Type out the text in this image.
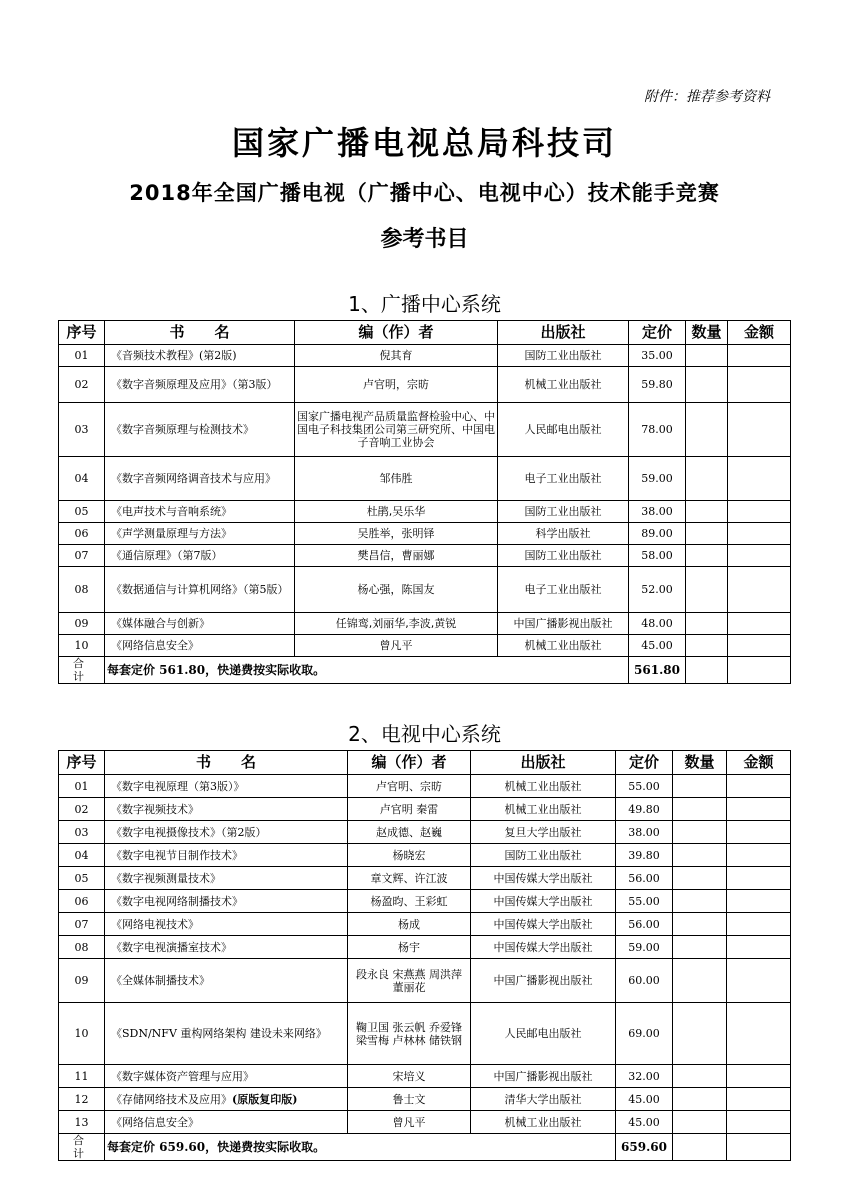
附件：推荐参考资料
国家广播电视总局科技司
2018年全国广播电视（广播中心、电视中心）技术能手竞赛
参考书目
1、广播中心系统
序号	书　　名	编（作）者	出版社	定价	数量	金额
01	《音频技术教程》(第2版)	倪其育	国防工业出版社	35.00		
02	《数字音频原理及应用》（第3版）	卢官明，宗昉	机械工业出版社	59.80		
03	《数字音频原理与检测技术》	国家广播电视产品质量监督检验中心、中国电子科技集团公司第三研究所、中国电子音响工业协会	人民邮电出版社	78.00		
04	《数字音频网络调音技术与应用》	邹伟胜	电子工业出版社	59.00		
05	《电声技术与音响系统》	杜鹃,吴乐华	国防工业出版社	38.00		
06	《声学测量原理与方法》	吴胜举，张明铎	科学出版社	89.00		
07	《通信原理》（第7版）	樊昌信，曹丽娜	国防工业出版社	58.00		
08	《数据通信与计算机网络》（第5版）	杨心强，陈国友	电子工业出版社	52.00		
09	《媒体融合与创新》	任锦鸾,刘丽华,李波,黄锐	中国广播影视出版社	48.00		
10	《网络信息安全》	曾凡平	机械工业出版社	45.00		
合 计	每套定价 561.80，快递费按实际收取。			561.80		
2、电视中心系统
序号	书　　名	编（作）者	出版社	定价	数量	金额
01	《数字电视原理（第3版）》	卢官明、宗昉	机械工业出版社	55.00		
02	《数字视频技术》	卢官明 秦雷	机械工业出版社	49.80		
03	《数字电视摄像技术》（第2版）	赵成德、赵巍	复旦大学出版社	38.00		
04	《数字电视节目制作技术》	杨晓宏	国防工业出版社	39.80		
05	《数字视频测量技术》	章文辉、许江波	中国传媒大学出版社	56.00		
06	《数字电视网络制播技术》	杨盈昀、王彩虹	中国传媒大学出版社	55.00		
07	《网络电视技术》	杨成	中国传媒大学出版社	56.00		
08	《数字电视演播室技术》	杨宇	中国传媒大学出版社	59.00		
09	《全媒体制播技术》	段永良 宋燕燕 周洪萍 董丽花	中国广播影视出版社	60.00		
10	《SDN/NFV 重构网络架构 建设未来网络》	鞠卫国 张云帆 乔爱锋 梁雪梅 卢林林 储铁钢	人民邮电出版社	69.00		
11	《数字媒体资产管理与应用》	宋培义	中国广播影视出版社	32.00		
12	《存储网络技术及应用》(原版复印版)	鲁士文	清华大学出版社	45.00		
13	《网络信息安全》	曾凡平	机械工业出版社	45.00		
合 计	每套定价 659.60，快递费按实际收取。			659.60		
